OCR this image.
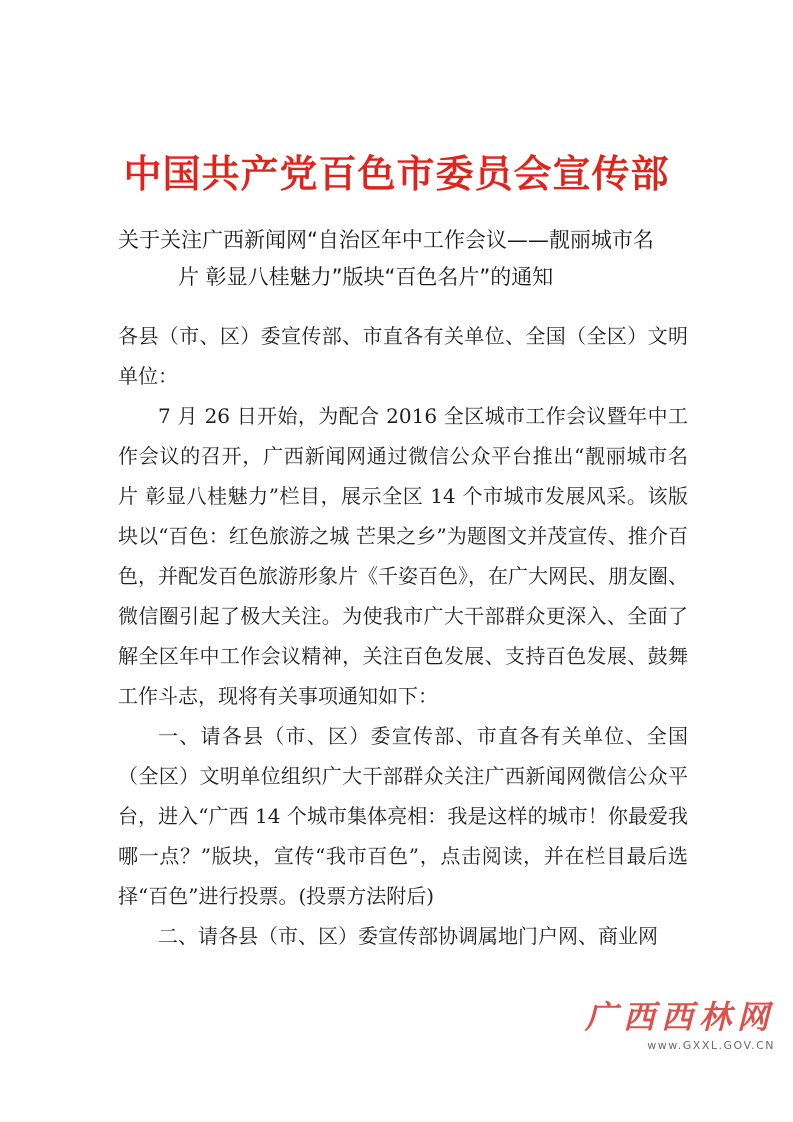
中国共产党百色市委员会宣传部
关于关注广西新闻网“自治区年中工作会议——靓丽城市名
片 彰显八桂魅力”版块“百色名片”的通知

各县（市、区）委宣传部、市直各有关单位、全国（全区）文明单位：

7 月 26 日开始，为配合 2016 全区城市工作会议暨年中工作会议的召开，广西新闻网通过微信公众平台推出“靓丽城市名片 彰显八桂魅力”栏目，展示全区 14 个市城市发展风采。该版块以“百色：红色旅游之城 芒果之乡”为题图文并茂宣传、推介百色，并配发百色旅游形象片《千姿百色》，在广大网民、朋友圈、微信圈引起了极大关注。为使我市广大干部群众更深入、全面了解全区年中工作会议精神，关注百色发展、支持百色发展、鼓舞工作斗志，现将有关事项通知如下：

一、请各县（市、区）委宣传部、市直各有关单位、全国（全区）文明单位组织广大干部群众关注广西新闻网微信公众平台，进入“广西 14 个城市集体亮相：我是这样的城市！你最爱我哪一点？”版块，宣传“我市百色”，点击阅读，并在栏目最后选择“百色”进行投票。(投票方法附后)

二、请各县（市、区）委宣传部协调属地门户网、商业网

广西西林网
www.GXXL.GOV.CN
